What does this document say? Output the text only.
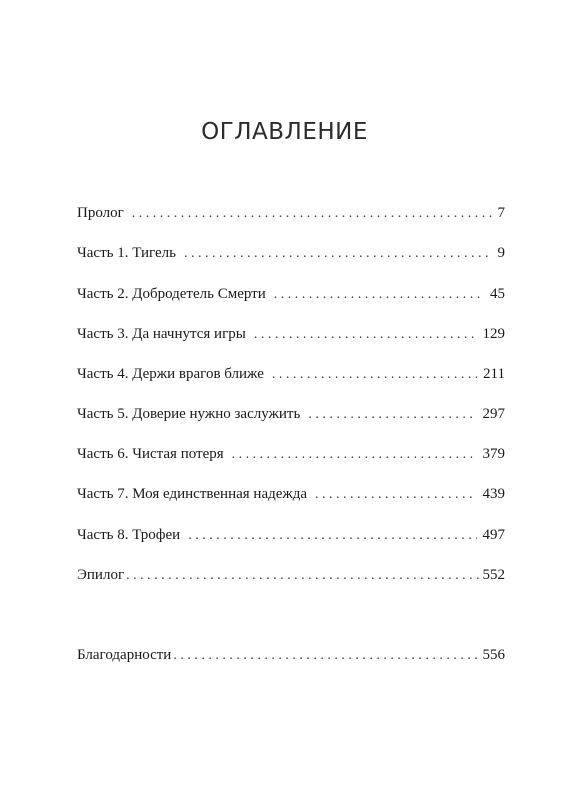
ОГЛАВЛЕНИЕ
Пролог . . .	7
Часть 1. Тигель . . .	9
Часть 2. Добродетель Смерти . . .	45
Часть 3. Да начнутся игры . . .	129
Часть 4. Держи врагов ближе . . .	211
Часть 5. Доверие нужно заслужить . . .	297
Часть 6. Чистая потеря . . .	379
Часть 7. Моя единственная надежда . . .	439
Часть 8. Трофеи . . .	497
Эпилог . . .	552
Благодарности . . .	556
